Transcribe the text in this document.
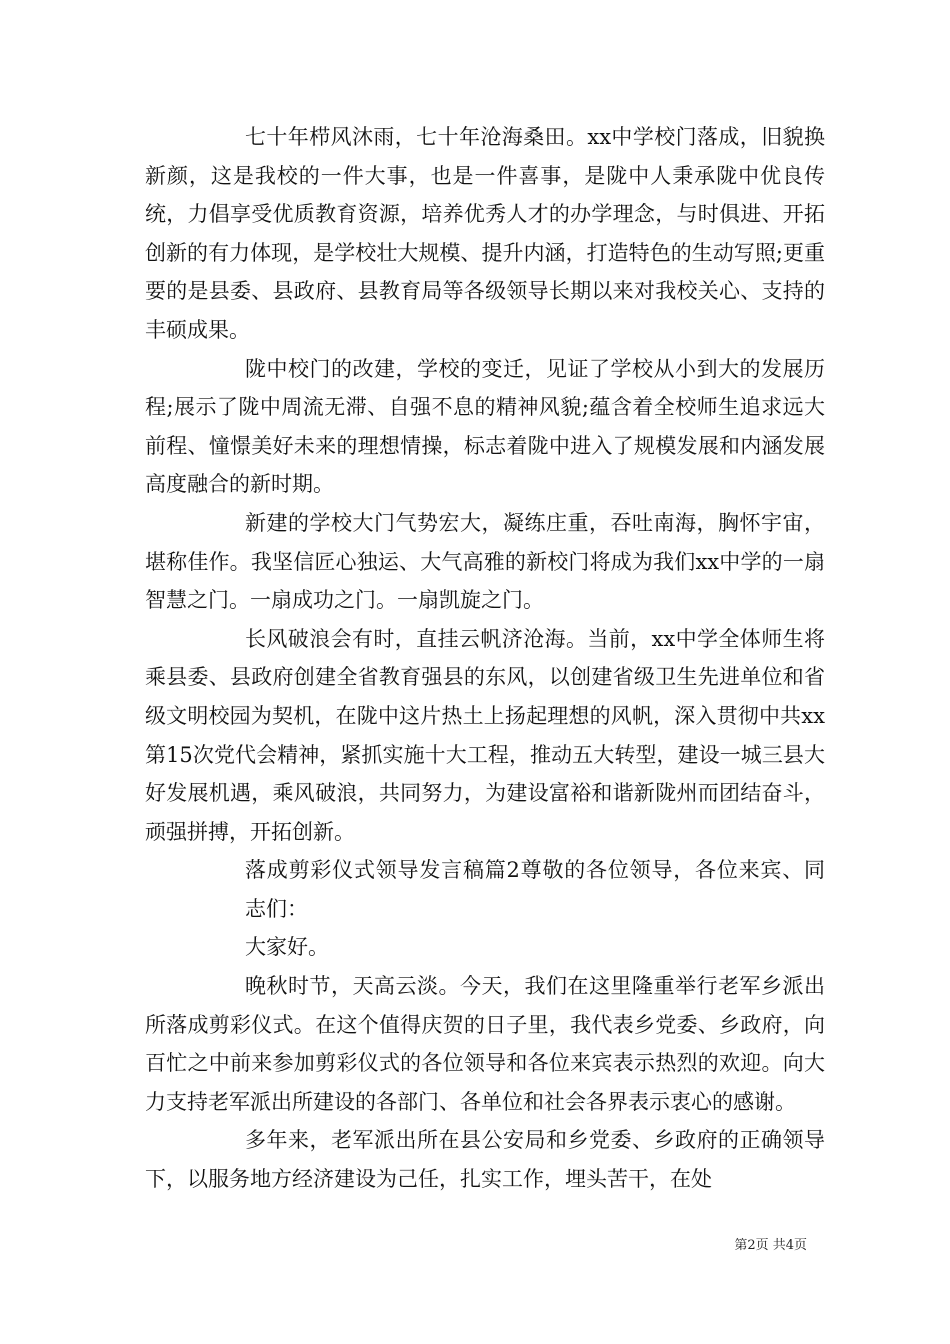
七十年栉风沐雨，七十年沧海桑田。xx中学校门落成，旧貌换新颜，这是我校的一件大事，也是一件喜事，是陇中人秉承陇中优良传统，力倡享受优质教育资源，培养优秀人才的办学理念，与时俱进、开拓创新的有力体现，是学校壮大规模、提升内涵，打造特色的生动写照;更重要的是县委、县政府、县教育局等各级领导长期以来对我校关心、支持的丰硕成果。

陇中校门的改建，学校的变迁，见证了学校从小到大的发展历程;展示了陇中周流无滞、自强不息的精神风貌;蕴含着全校师生追求远大前程、憧憬美好未来的理想情操，标志着陇中进入了规模发展和内涵发展高度融合的新时期。

新建的学校大门气势宏大，凝练庄重，吞吐南海，胸怀宇宙，堪称佳作。我坚信匠心独运、大气高雅的新校门将成为我们xx中学的一扇智慧之门。一扇成功之门。一扇凯旋之门。

长风破浪会有时，直挂云帆济沧海。当前，xx中学全体师生将乘县委、县政府创建全省教育强县的东风，以创建省级卫生先进单位和省级文明校园为契机，在陇中这片热土上扬起理想的风帆，深入贯彻中共xx第15次党代会精神，紧抓实施十大工程，推动五大转型，建设一城三县大好发展机遇，乘风破浪，共同努力，为建设富裕和谐新陇州而团结奋斗，顽强拼搏，开拓创新。

落成剪彩仪式领导发言稿篇2尊敬的各位领导，各位来宾、同志们：

大家好。

晚秋时节，天高云淡。今天，我们在这里隆重举行老军乡派出所落成剪彩仪式。在这个值得庆贺的日子里，我代表乡党委、乡政府，向百忙之中前来参加剪彩仪式的各位领导和各位来宾表示热烈的欢迎。向大力支持老军派出所建设的各部门、各单位和社会各界表示衷心的感谢。

多年来，老军派出所在县公安局和乡党委、乡政府的正确领导下，以服务地方经济建设为己任，扎实工作，埋头苦干，在处

第2页 共4页
